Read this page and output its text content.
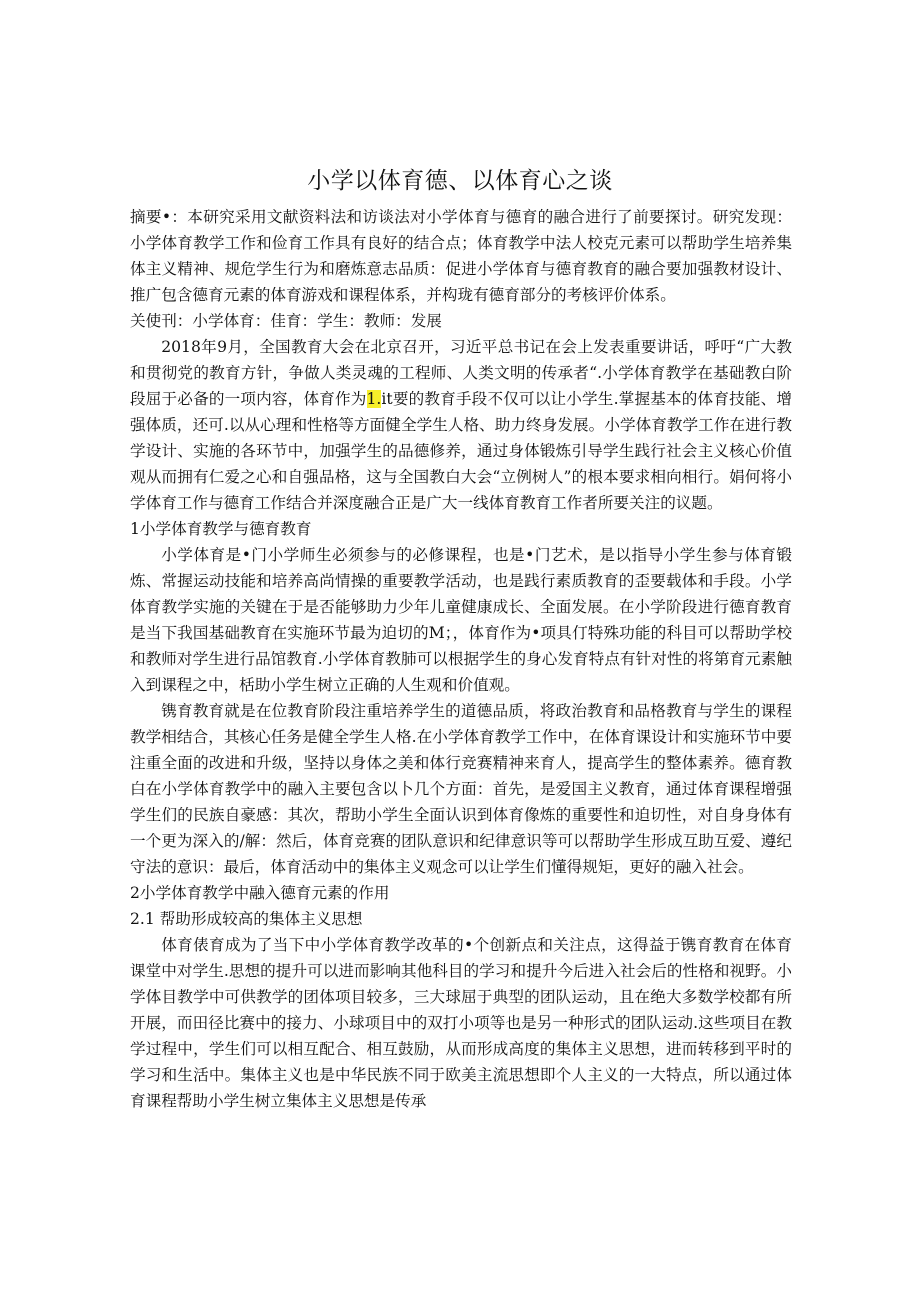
小学以体育德、以体育心之谈

摘要•：本研究采用文献资料法和访谈法对小学体育与德育的融合进行了前要探讨。研究发现：小学体育教学工作和俭育工作具有良好的结合点；体育教学中法人校克元素可以帮助学生培养集体主义精神、规危学生行为和磨炼意志品质：促进小学体育与德育教育的融合要加强教材设计、推广包含德育元素的体育游戏和课程体系，并构珑有德育部分的考核评价体系。

关使刊：小学体育：佳育：学生：教师：发展

2018年9月，全国教育大会在北京召开，习近平总书记在会上发表重要讲话，呼吁“广大教和贯彻党的教育方针，争做人类灵魂的工程师、人类文明的传承者“.小学体育教学在基础教白阶段屈于必备的一项内容，体育作为1.it要的教育手段不仅可以让小学生.掌握基本的体育技能、增强体质，还可.以从心理和性格等方面健全学生人格、助力终身发展。小学体育教学工作在进行教学设计、实施的各环节中，加强学生的品德修养，通过身体锻炼引导学生践行社会主义核心价值观从而拥有仁爱之心和自强品格，这与全国教白大会“立例树人”的根本要求相向相行。娟何将小学体育工作与德育工作结合并深度融合正是广大一线体育教育工作者所要关注的议题。

1小学体育教学与德育教育

小学体育是•门小学师生必须参与的必修课程，也是•门艺术，是以指导小学生参与体育锻炼、常握运动技能和培养高尚情操的重要教学活动，也是践行素质教育的歪要载体和手段。小学体育教学实施的关键在于是否能够助力少年儿童健康成长、全面发展。在小学阶段进行德育教育是当下我国基础教育在实施环节最为迫切的M；，体育作为•项具仃特殊功能的科目可以帮助学校和教师对学生进行品馆教育.小学体育教肺可以根据学生的身心发育特点有针对性的将第育元素触入到课程之中，栝助小学生树立正确的人生观和价值观。

镌育教育就是在位教育阶段注重培养学生的道德品质，将政治教育和品格教育与学生的课程教学相结合，其核心任务是健全学生人格.在小学体育教学工作中，在体育课设计和实施环节中要注重全面的改进和升级，坚持以身体之美和体行竞赛精神来育人，提高学生的整体素养。德育教白在小学体育教学中的融入主要包含以卜几个方面：首先，是爱国主义教育，通过体育课程增强学生们的民族自豪感：其次，帮助小学生全面认识到体育像炼的重要性和迫切性，对自身身体有一个更为深入的/解：然后，体育竞赛的团队意识和纪律意识等可以帮助学生形成互助互爱、遵纪守法的意识：最后，体育活动中的集体主义观念可以让学生们懂得规矩，更好的融入社会。

2小学体育教学中融入德育元素的作用

2.1 帮助形成较高的集体主义思想

体育俵育成为了当下中小学体育教学改革的•个创新点和关注点，这得益于镌育教育在体育课堂中对学生.思想的提升可以进而影响其他科目的学习和提升今后进入社会后的性格和视野。小学体目教学中可供教学的团体项目较多，三大球屈于典型的团队运动，且在绝大多数学校都有所开展，而田径比赛中的接力、小球项目中的双打小项等也是另一种形式的团队运动.这些项目在教学过程中，学生们可以相互配合、相互鼓励，从而形成高度的集体主义思想，进而转移到平时的学习和生活中。集体主义也是中华民族不同于欧美主流思想即个人主义的一大特点，所以通过体育课程帮助小学生树立集体主义思想是传承
